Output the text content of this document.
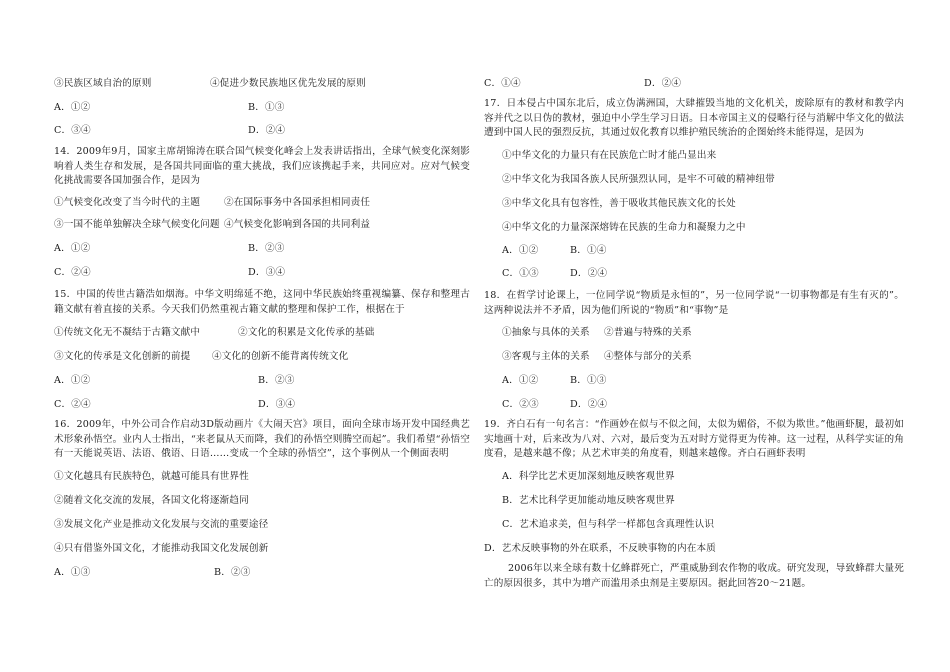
③民族区域自治的原则	④促进少数民族地区优先发展的原则
A．①②	B．①③
C．③④	D．②④
14．2009年9月，国家主席胡锦涛在联合国气候变化峰会上发表讲话指出，全球气候变化深刻影响着人类生存和发展，是各国共同面临的重大挑战，我们应该携起手来，共同应对。应对气候变化挑战需要各国加强合作，是因为
①气候变化改变了当今时代的主题 ②在国际事务中各国承担相同责任
③一国不能单独解决全球气候变化问题 ④气候变化影响到各国的共同利益
A．①②	B．②③
C．②④	D．③④
15．中国的传世古籍浩如烟海。中华文明绵延不绝，这同中华民族始终重视编纂、保存和整理古籍文献有着直接的关系。今天我们仍然重视古籍文献的整理和保护工作，根据在于
①传统文化无不凝结于古籍文献中	②文化的积累是文化传承的基础
③文化的传承是文化创新的前提 ④文化的创新不能背离传统文化
A．①②	B．②③
C．②④	D．③④
16．2009年，中外公司合作启动3D版动画片《大闹天宫》项目，面向全球市场开发中国经典艺术形象孙悟空。业内人士指出，“来老鼠从天而降，我们的孙悟空则腾空而起”。我们希望“孙悟空有一天能说英语、法语、俄语、日语……变成一个全球的孙悟空”，这个事例从一个侧面表明
①文化越具有民族特色，就越可能具有世界性
②随着文化交流的发展，各国文化将逐渐趋同
③发展文化产业是推动文化发展与交流的重要途径
④只有借鉴外国文化，才能推动我国文化发展创新
A．①③	B．②③
C．①④	D．②④
17．日本侵占中国东北后，成立伪满洲国，大肆摧毁当地的文化机关，废除原有的教材和教学内容并代之以日伪的教材，强迫中小学生学习日语。日本帝国主义的侵略行径与消解中华文化的做法遭到中国人民的强烈反抗，其通过奴化教育以维护殖民统治的企图始终未能得逞，是因为
①中华文化的力量只有在民族危亡时才能凸显出来
②中华文化为我国各族人民所强烈认同，是牢不可破的精神纽带
③中华文化具有包容性，善于吸收其他民族文化的长处
④中华文化的力量深深熔铸在民族的生命力和凝聚力之中
A．①②	B．①④
C．①③	D．②④
18．在哲学讨论课上，一位同学说“物质是永恒的”，另一位同学说“一切事物都是有生有灭的”。这两种说法并不矛盾，因为他们所说的“物质”和“事物”是
①抽象与具体的关系 ②普遍与特殊的关系
③客观与主体的关系 ④整体与部分的关系
A．①②	B．①③
C．②③	D．②④
19．齐白石有一句名言：“作画妙在似与不似之间，太似为媚俗，不似为欺世。”他画虾腿，最初如实地画十对，后来改为八对、六对，最后变为五对时方觉得更为传神。这一过程，从科学实证的角度看，是越来越不像；从艺术审美的角度看，则越来越像。齐白石画虾表明
A．科学比艺术更加深刻地反映客观世界
B．艺术比科学更加能动地反映客观世界
C．艺术追求美，但与科学一样都包含真理性认识
D．艺术反映事物的外在联系，不反映事物的内在本质
2006年以来全球有数十亿蜂群死亡，严重威胁到农作物的收成。研究发现，导致蜂群大量死亡的原因很多，其中为增产而滥用杀虫剂是主要原因。据此回答20～21题。
